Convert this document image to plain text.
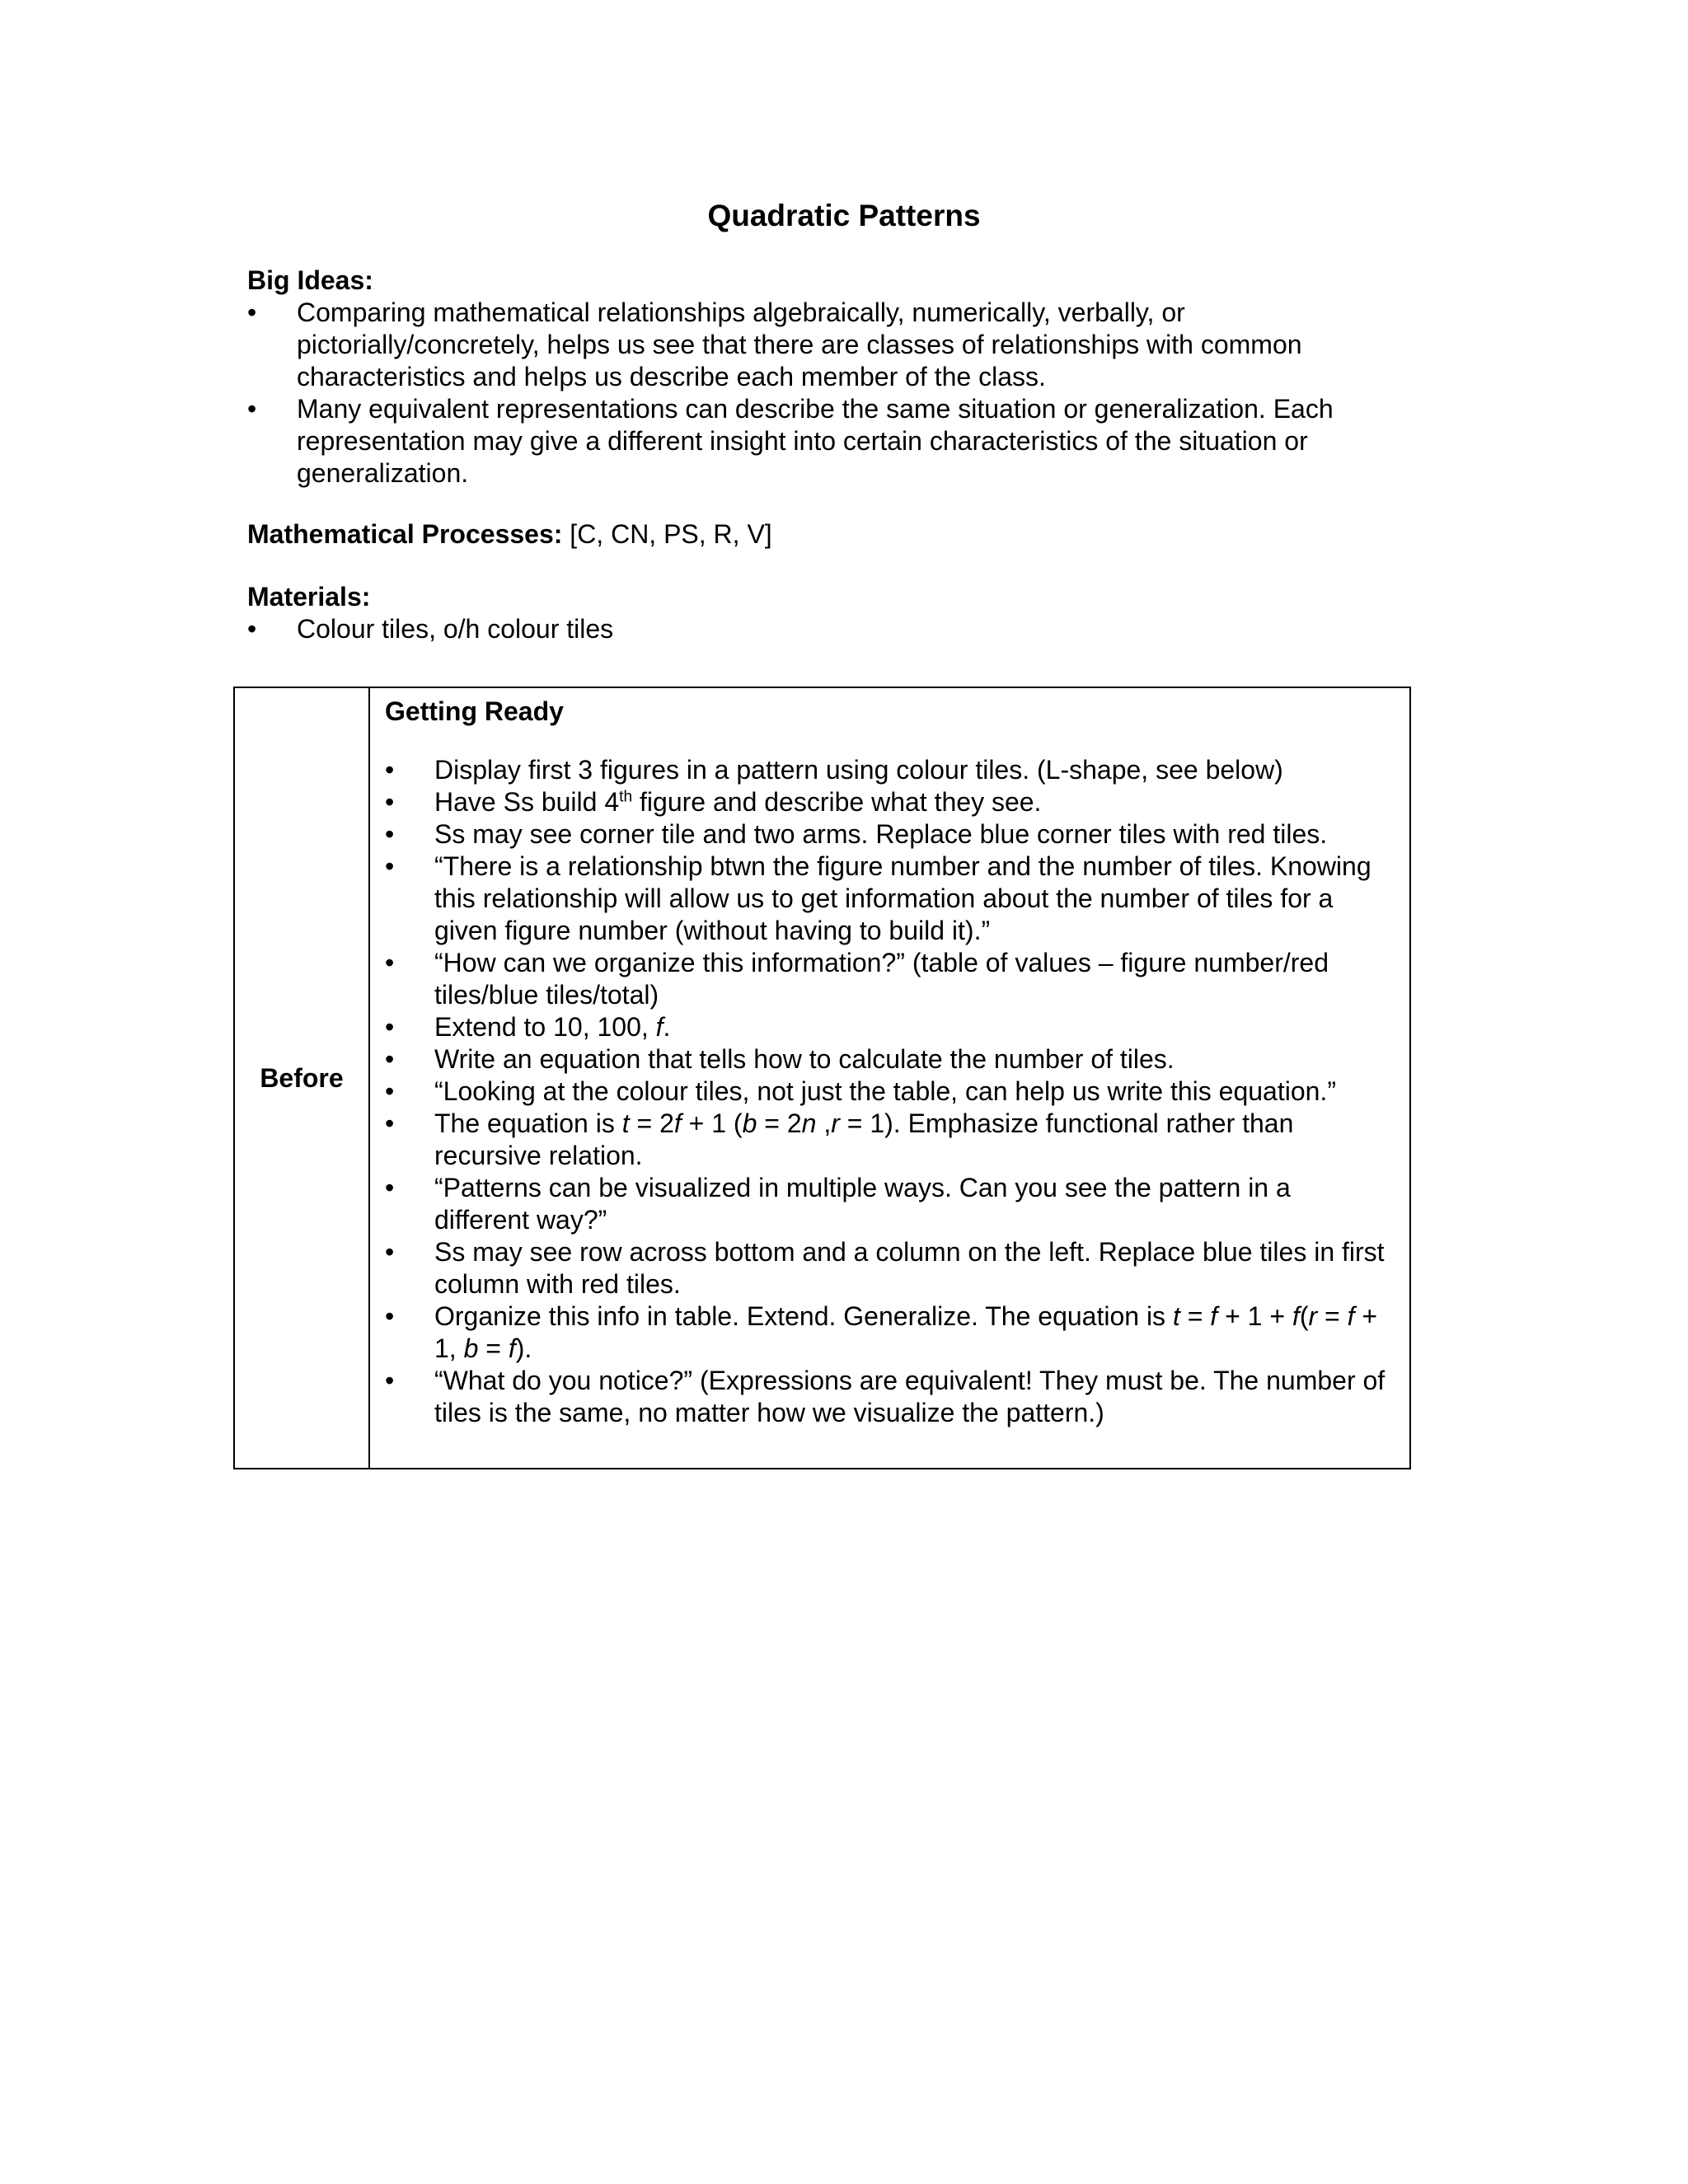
Quadratic Patterns
Big Ideas:
• Comparing mathematical relationships algebraically, numerically, verbally, or pictorially/concretely, helps us see that there are classes of relationships with common characteristics and helps us describe each member of the class.
• Many equivalent representations can describe the same situation or generalization. Each representation may give a different insight into certain characteristics of the situation or generalization.
Mathematical Processes: [C, CN, PS, R, V]
Materials:
• Colour tiles, o/h colour tiles
Before
Getting Ready
• Display first 3 figures in a pattern using colour tiles. (L-shape, see below)
• Have Ss build 4th figure and describe what they see.
• Ss may see corner tile and two arms. Replace blue corner tiles with red tiles.
• “There is a relationship btwn the figure number and the number of tiles. Knowing this relationship will allow us to get information about the number of tiles for a given figure number (without having to build it).”
• “How can we organize this information?” (table of values – figure number/red tiles/blue tiles/total)
• Extend to 10, 100, f.
• Write an equation that tells how to calculate the number of tiles.
• “Looking at the colour tiles, not just the table, can help us write this equation.”
• The equation is t = 2f + 1 (b = 2n ,r = 1). Emphasize functional rather than recursive relation.
• “Patterns can be visualized in multiple ways. Can you see the pattern in a different way?”
• Ss may see row across bottom and a column on the left. Replace blue tiles in first column with red tiles.
• Organize this info in table. Extend. Generalize. The equation is t = f + 1 + f(r = f + 1, b = f).
• “What do you notice?” (Expressions are equivalent! They must be. The number of tiles is the same, no matter how we visualize the pattern.)
